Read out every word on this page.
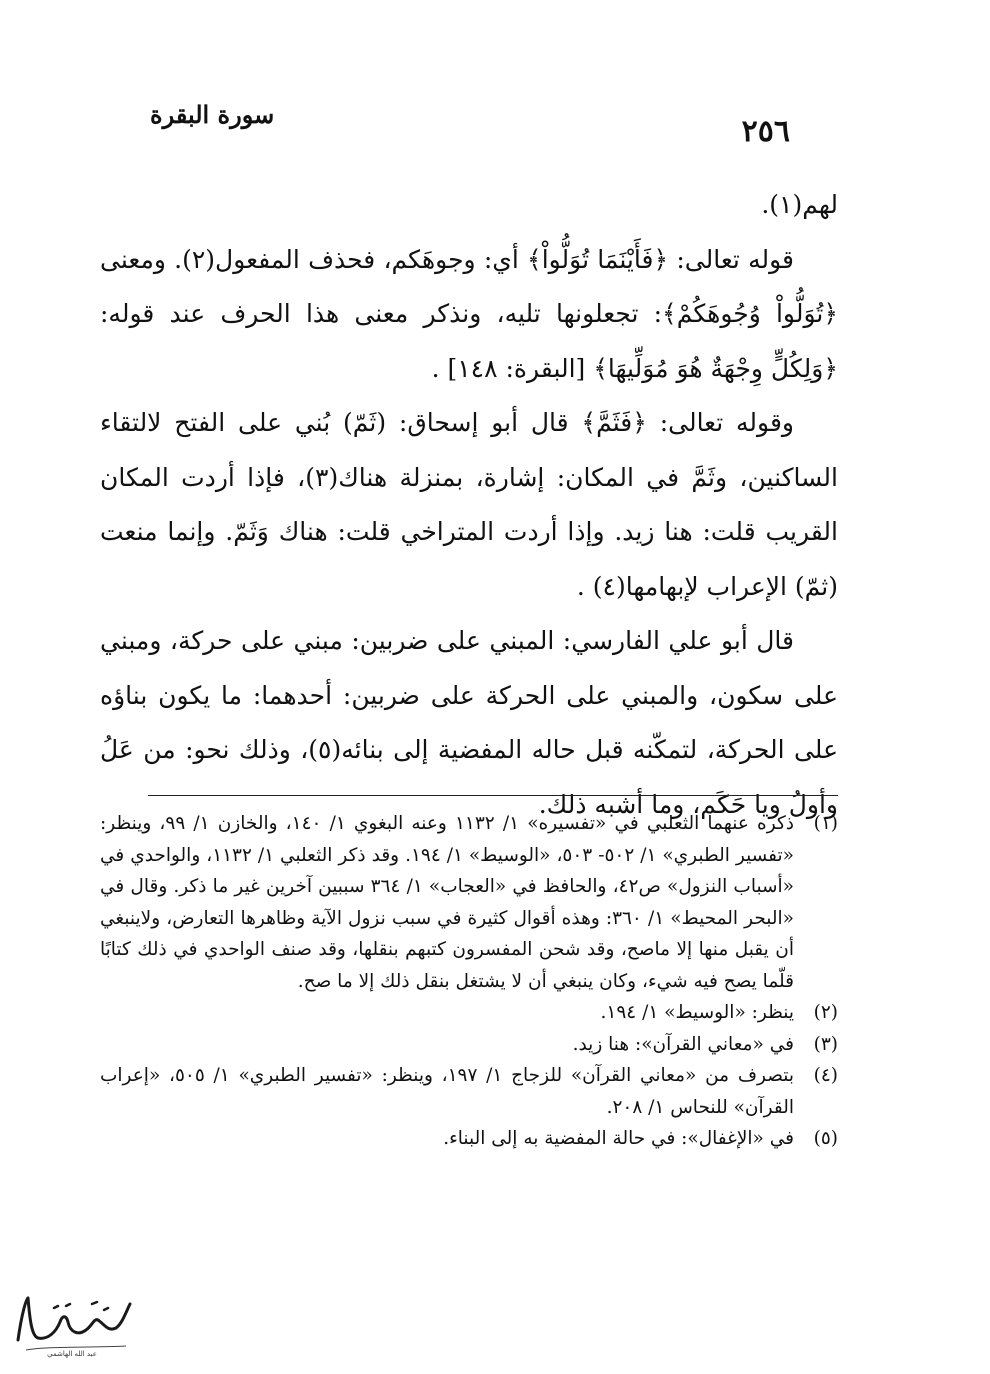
سورة البقرة	٢٥٦

لهم(١).

قوله تعالى: ﴿فَأَيْنَمَا تُوَلُّواْ﴾ أي: وجوهَكم، فحذف المفعول(٢). ومعنى ﴿تُوَلُّواْ وُجُوهَكُمْ﴾: تجعلونها تليه، ونذكر معنى هذا الحرف عند قوله: ﴿وَلِكُلٍّ وِجْهَةٌ هُوَ مُوَلِّيهَا﴾ [البقرة: ١٤٨] .

وقوله تعالى: ﴿فَثَمَّ﴾ قال أبو إسحاق: (ثَمّ) بُني على الفتح لالتقاء الساكنين، وثَمَّ في المكان: إشارة، بمنزلة هناك(٣)، فإذا أردت المكان القريب قلت: هنا زيد. وإذا أردت المتراخي قلت: هناك وَثَمّ. وإنما منعت (ثمّ) الإعراب لإبهامها(٤) .

قال أبو علي الفارسي: المبني على ضربين: مبني على حركة، ومبني على سكون، والمبني على الحركة على ضربين: أحدهما: ما يكون بناؤه على الحركة، لتمكّنه قبل حاله المفضية إلى بنائه(٥)، وذلك نحو: من عَلُ وأولُ ويا حَكَم، وما أشبه ذلك.

(١)
ذكره عنهما الثعلبي في «تفسيره» ١/ ١١٣٢ وعنه البغوي ١/ ١٤٠، والخازن ١/ ٩٩، وينظر: «تفسير الطبري» ١/ ٥٠٢- ٥٠٣، «الوسيط» ١/ ١٩٤. وقد ذكر الثعلبي ١/ ١١٣٢، والواحدي في «أسباب النزول» ص٤٢، والحافظ في «العجاب» ١/ ٣٦٤ سببين آخرين غير ما ذكر. وقال في «البحر المحيط» ١/ ٣٦٠: وهذه أقوال كثيرة في سبب نزول الآية وظاهرها التعارض، ولاينبغي أن يقبل منها إلا ماصح، وقد شحن المفسرون كتبهم بنقلها، وقد صنف الواحدي في ذلك كتابًا قلّما يصح فيه شيء، وكان ينبغي أن لا يشتغل بنقل ذلك إلا ما صح.
(٢)
ينظر: «الوسيط» ١/ ١٩٤.
(٣)
في «معاني القرآن»: هنا زيد.
(٤)
بتصرف من «معاني القرآن» للزجاج ١/ ١٩٧، وينظر: «تفسير الطبري» ١/ ٥٠٥، «إعراب القرآن» للنحاس ١/ ٢٠٨.
(٥)
في «الإغفال»: في حالة المفضية به إلى البناء.
عبد الله الهاشمي
